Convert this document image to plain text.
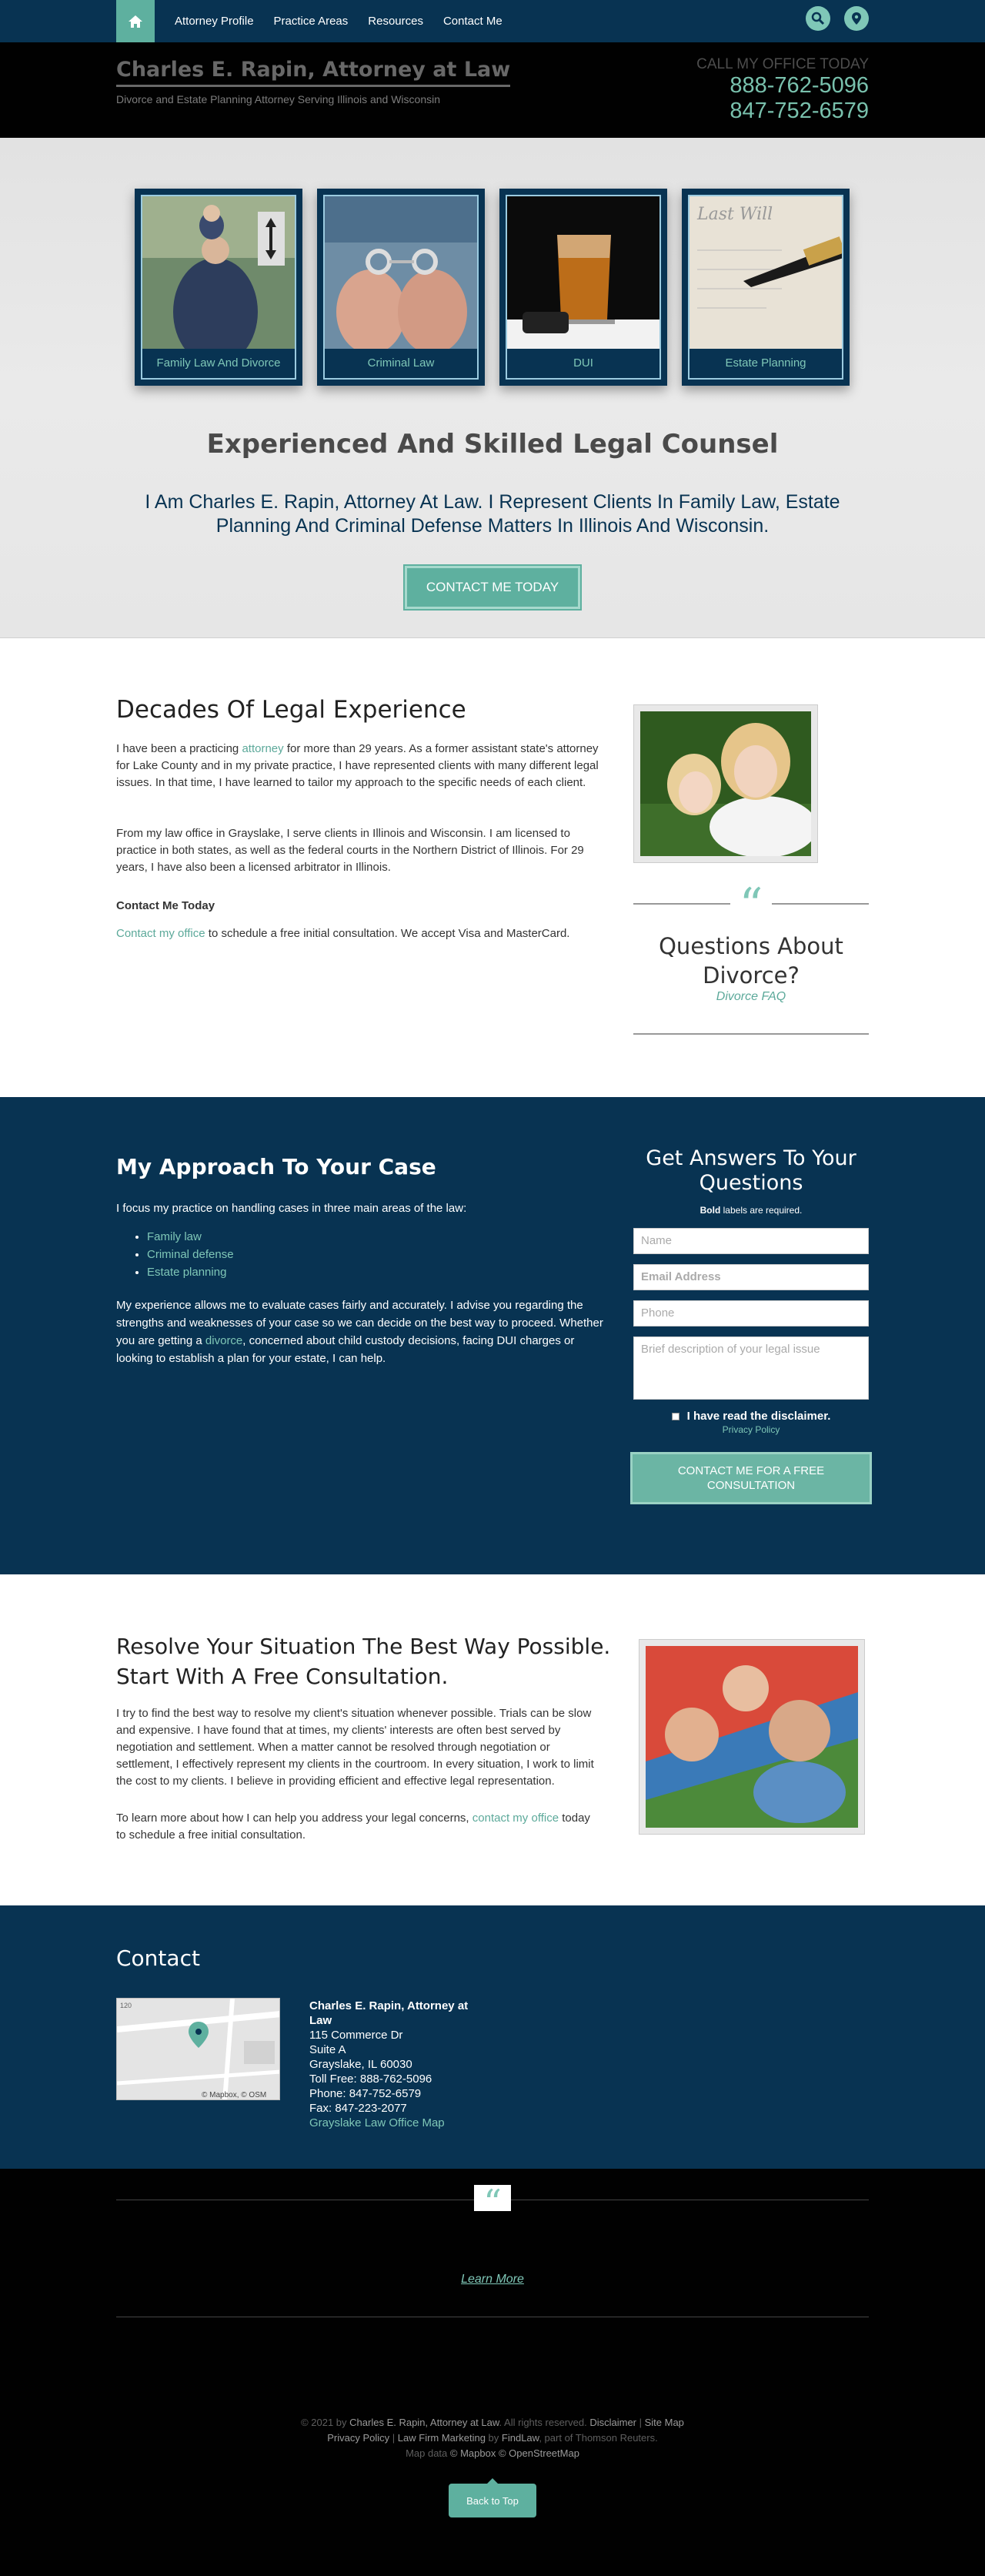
Attorney Profile Practice Areas Resources Contact Me
Charles E. Rapin, Attorney at Law
Divorce and Estate Planning Attorney Serving Illinois and Wisconsin
CALL MY OFFICE TODAY
888-762-5096
847-752-6579
Family Law And Divorce	Criminal Law	DUI
Last Will
Estate Planning
Experienced And Skilled Legal Counsel
I Am Charles E. Rapin, Attorney At Law. I Represent Clients In Family Law, Estate Planning And Criminal Defense Matters In Illinois And Wisconsin.
CONTACT ME TODAY
Decades Of Legal Experience
I have been a practicing attorney for more than 29 years. As a former assistant state's attorney for Lake County and in my private practice, I have represented clients with many different legal issues. In that time, I have learned to tailor my approach to the specific needs of each client.
From my law office in Grayslake, I serve clients in Illinois and Wisconsin. I am licensed to practice in both states, as well as the federal courts in the Northern District of Illinois. For 29 years, I have also been a licensed arbitrator in Illinois.
Contact Me Today
Contact my office to schedule a free initial consultation. We accept Visa and MasterCard.
“
Questions About Divorce?
Divorce FAQ
My Approach To Your Case
I focus my practice on handling cases in three main areas of the law:
• Family law
• Criminal defense
• Estate planning
My experience allows me to evaluate cases fairly and accurately. I advise you regarding the strengths and weaknesses of your case so we can decide on the best way to proceed. Whether you are getting a divorce, concerned about child custody decisions, facing DUI charges or looking to establish a plan for your estate, I can help.
Get Answers To Your Questions
Bold labels are required.
Name
Email Address
Phone
Brief description of your legal issue
I have read the disclaimer.
Privacy Policy
CONTACT ME FOR A FREE CONSULTATION
Resolve Your Situation The Best Way Possible. Start With A Free Consultation.
I try to find the best way to resolve my client's situation whenever possible. Trials can be slow and expensive. I have found that at times, my clients' interests are often best served by negotiation and settlement. When a matter cannot be resolved through negotiation or settlement, I effectively represent my clients in the courtroom. In every situation, I work to limit the cost to my clients. I believe in providing efficient and effective legal representation.
To learn more about how I can help you address your legal concerns, contact my office today to schedule a free initial consultation.
Contact
120
© Mapbox, © OSM
Charles E. Rapin, Attorney at Law
115 Commerce Dr
Suite A
Grayslake, IL 60030
Toll Free: 888-762-5096
Phone: 847-752-6579
Fax: 847-223-2077
Grayslake Law Office Map
“
Learn More
© 2021 by Charles E. Rapin, Attorney at Law. All rights reserved. Disclaimer | Site Map
Privacy Policy | Law Firm Marketing by FindLaw, part of Thomson Reuters.
Map data © Mapbox © OpenStreetMap
Back to Top
